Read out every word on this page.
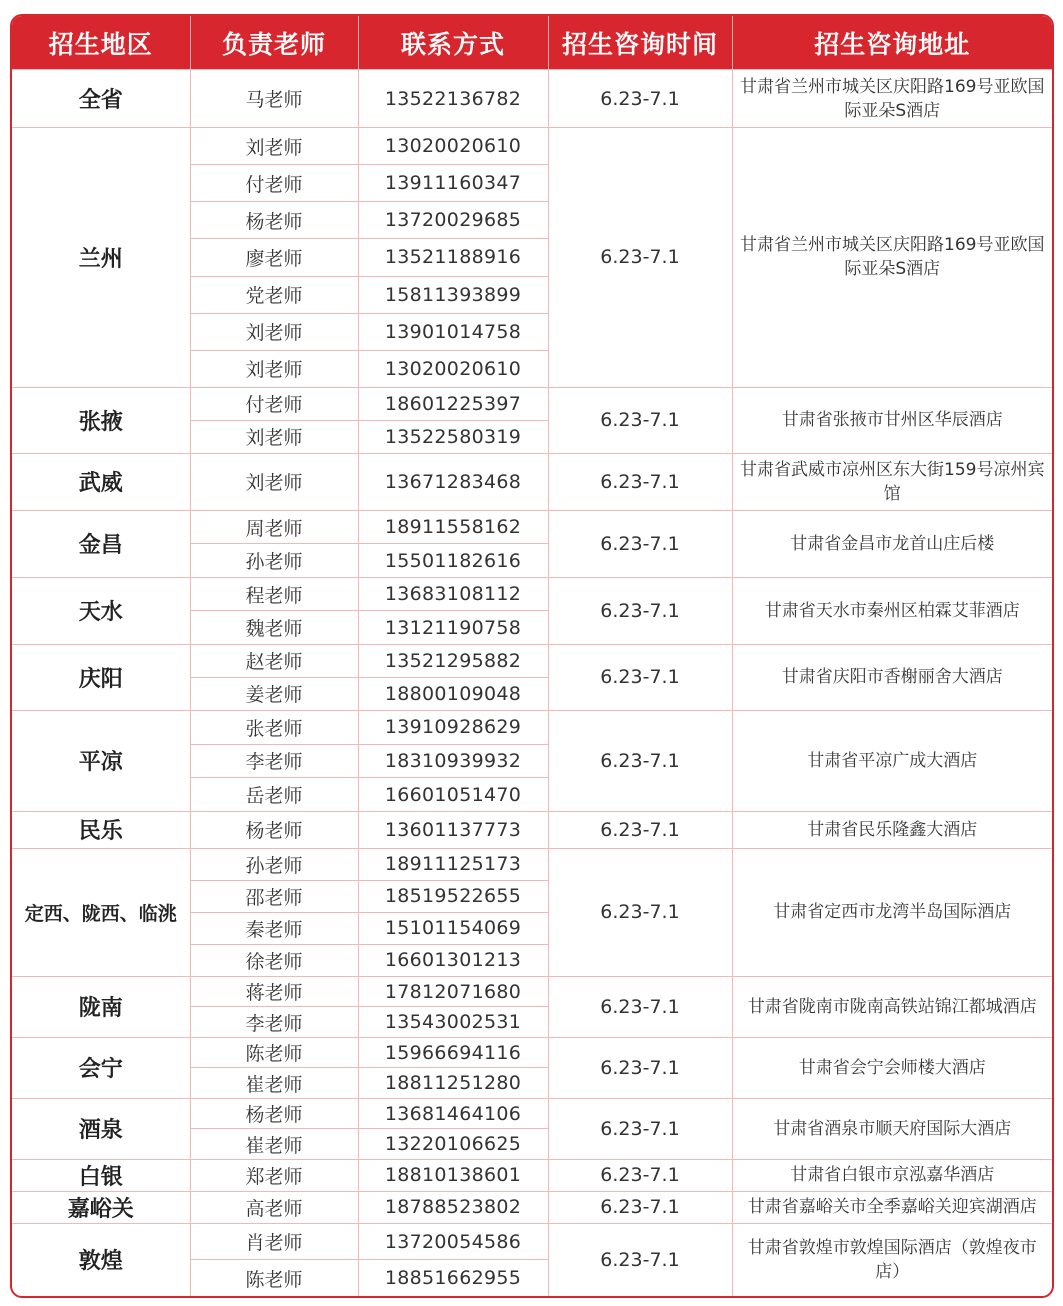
招生地区	负责老师	联系方式	招生咨询时间	招生咨询地址
全省	马老师	13522136782	6.23-7.1	甘肃省兰州市城关区庆阳路169号亚欧国际亚朵S酒店
兰州	刘老师	13020020610	6.23-7.1	甘肃省兰州市城关区庆阳路169号亚欧国际亚朵S酒店
	付老师	13911160347		
	杨老师	13720029685		
	廖老师	13521188916		
	党老师	15811393899		
	刘老师	13901014758		
	刘老师	13020020610		
张掖	付老师	18601225397	6.23-7.1	甘肃省张掖市甘州区华辰酒店
	刘老师	13522580319		
武威	刘老师	13671283468	6.23-7.1	甘肃省武威市凉州区东大街159号凉州宾馆
金昌	周老师	18911558162	6.23-7.1	甘肃省金昌市龙首山庄后楼
	孙老师	15501182616		
天水	程老师	13683108112	6.23-7.1	甘肃省天水市秦州区柏霖艾菲酒店
	魏老师	13121190758		
庆阳	赵老师	13521295882	6.23-7.1	甘肃省庆阳市香榭丽舍大酒店
	姜老师	18800109048		
平凉	张老师	13910928629	6.23-7.1	甘肃省平凉广成大酒店
	李老师	18310939932		
	岳老师	16601051470		
民乐	杨老师	13601137773	6.23-7.1	甘肃省民乐隆鑫大酒店
定西、陇西、临洮	孙老师	18911125173	6.23-7.1	甘肃省定西市龙湾半岛国际酒店
	邵老师	18519522655		
	秦老师	15101154069		
	徐老师	16601301213		
陇南	蒋老师	17812071680	6.23-7.1	甘肃省陇南市陇南高铁站锦江都城酒店
	李老师	13543002531		
会宁	陈老师	15966694116	6.23-7.1	甘肃省会宁会师楼大酒店
	崔老师	18811251280		
酒泉	杨老师	13681464106	6.23-7.1	甘肃省酒泉市顺天府国际大酒店
	崔老师	13220106625		
白银	郑老师	18810138601	6.23-7.1	甘肃省白银市京泓嘉华酒店
嘉峪关	高老师	18788523802	6.23-7.1	甘肃省嘉峪关市全季嘉峪关迎宾湖酒店
敦煌	肖老师	13720054586	6.23-7.1	甘肃省敦煌市敦煌国际酒店（敦煌夜市店）
	陈老师	18851662955		
